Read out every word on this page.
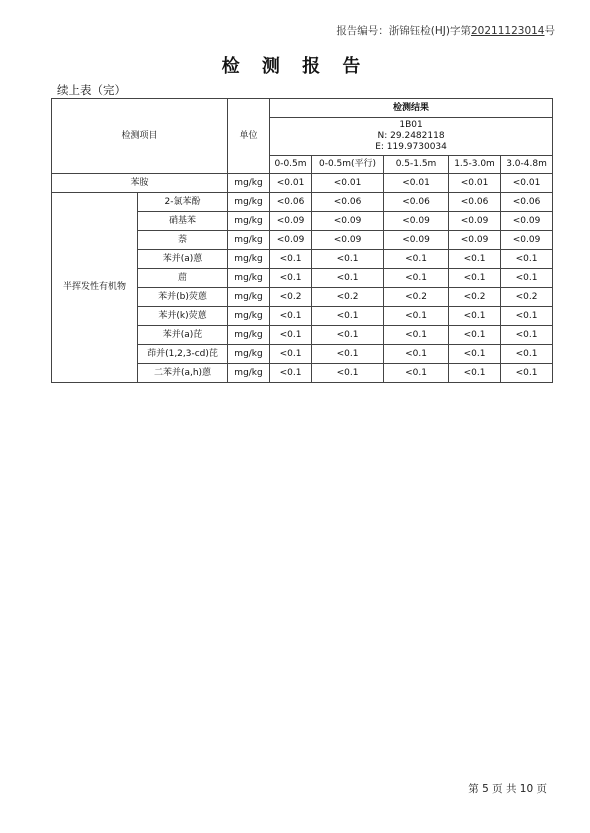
报告编号：浙锦钰检(HJ)字第20211123014号
检 测 报 告
续上表（完）
检测项目		单位	检测结果				

			1B01
N: 29.2482118
E: 119.9730034				

			0-0.5m	0-0.5m(平行)	0.5-1.5m	1.5-3.0m	3.0-4.8m
苯胺		mg/kg	<0.01	<0.01	<0.01	<0.01	<0.01
半挥发性有机物	2-氯苯酚	mg/kg	<0.06	<0.06	<0.06	<0.06	<0.06
	硝基苯	mg/kg	<0.09	<0.09	<0.09	<0.09	<0.09
	萘	mg/kg	<0.09	<0.09	<0.09	<0.09	<0.09
	苯并(a)蒽	mg/kg	<0.1	<0.1	<0.1	<0.1	<0.1
	䓛	mg/kg	<0.1	<0.1	<0.1	<0.1	<0.1
	苯并(b)荧蒽	mg/kg	<0.2	<0.2	<0.2	<0.2	<0.2
	苯并(k)荧蒽	mg/kg	<0.1	<0.1	<0.1	<0.1	<0.1
	苯并(a)芘	mg/kg	<0.1	<0.1	<0.1	<0.1	<0.1
	茚并(1,2,3-cd)芘	mg/kg	<0.1	<0.1	<0.1	<0.1	<0.1
	二苯并(a,h)蒽	mg/kg	<0.1	<0.1	<0.1	<0.1	<0.1
第 5 页 共 10 页
